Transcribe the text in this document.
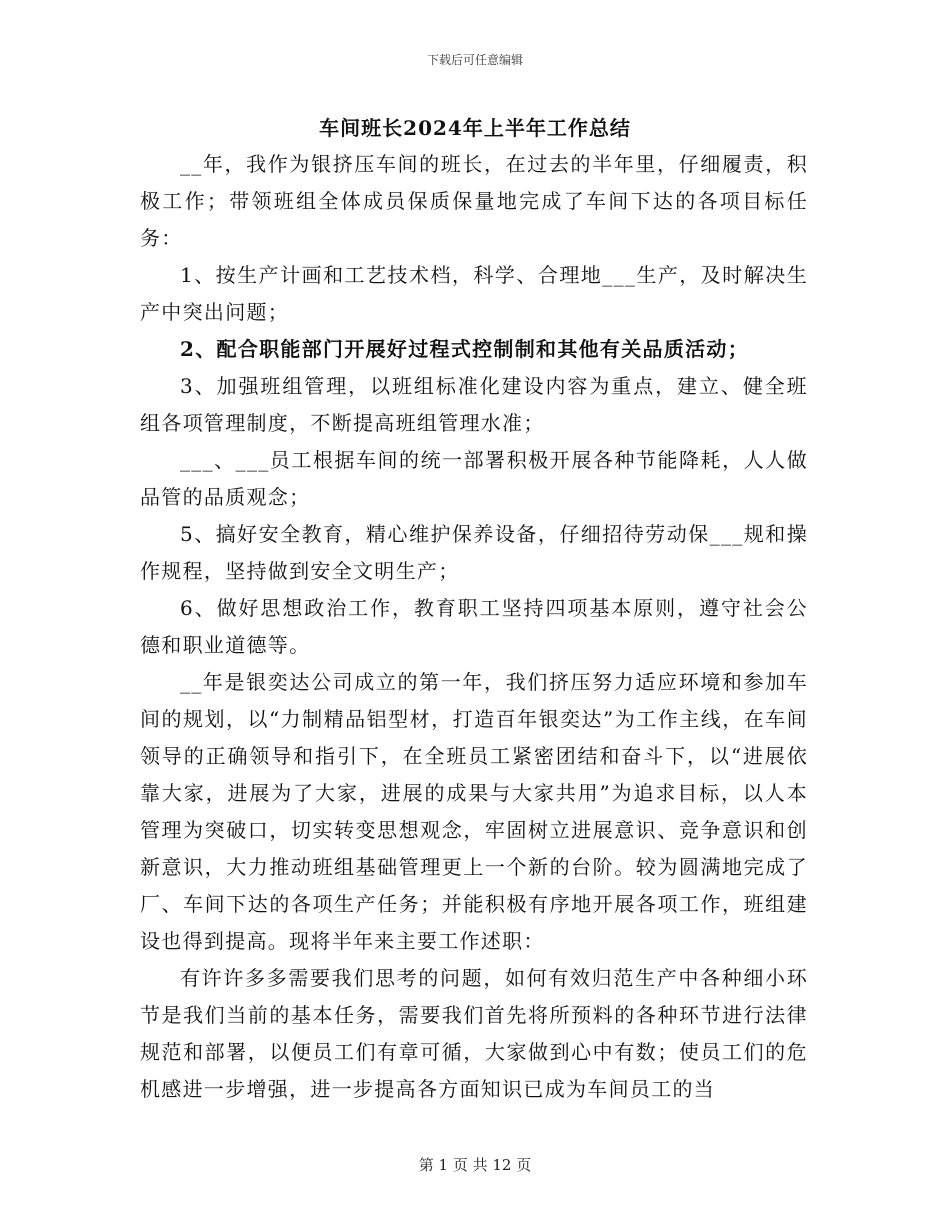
下载后可任意编辑
车间班长2024年上半年工作总结

__年，我作为银挤压车间的班长，在过去的半年里，仔细履责，积极工作；带领班组全体成员保质保量地完成了车间下达的各项目标任务：

1、按生产计画和工艺技术档，科学、合理地___生产，及时解决生产中突出问题；

2、配合职能部门开展好过程式控制制和其他有关品质活动；

3、加强班组管理，以班组标准化建设内容为重点，建立、健全班组各项管理制度，不断提高班组管理水准；

___、___员工根据车间的统一部署积极开展各种节能降耗，人人做品管的品质观念；

5、搞好安全教育，精心维护保养设备，仔细招待劳动保___规和操作规程，坚持做到安全文明生产；

6、做好思想政治工作，教育职工坚持四项基本原则，遵守社会公德和职业道德等。

__年是银奕达公司成立的第一年，我们挤压努力适应环境和参加车间的规划，以“力制精品铝型材，打造百年银奕达”为工作主线，在车间领导的正确领导和指引下，在全班员工紧密团结和奋斗下，以“进展依靠大家，进展为了大家，进展的成果与大家共用”为追求目标，以人本管理为突破口，切实转变思想观念，牢固树立进展意识、竞争意识和创新意识，大力推动班组基础管理更上一个新的台阶。较为圆满地完成了厂、车间下达的各项生产任务；并能积极有序地开展各项工作，班组建设也得到提高。现将半年来主要工作述职：

有许许多多需要我们思考的问题，如何有效归范生产中各种细小环节是我们当前的基本任务，需要我们首先将所预料的各种环节进行法律规范和部署，以便员工们有章可循，大家做到心中有数；使员工们的危机感进一步增强，进一步提高各方面知识已成为车间员工的当

第 1 页 共 12 页
